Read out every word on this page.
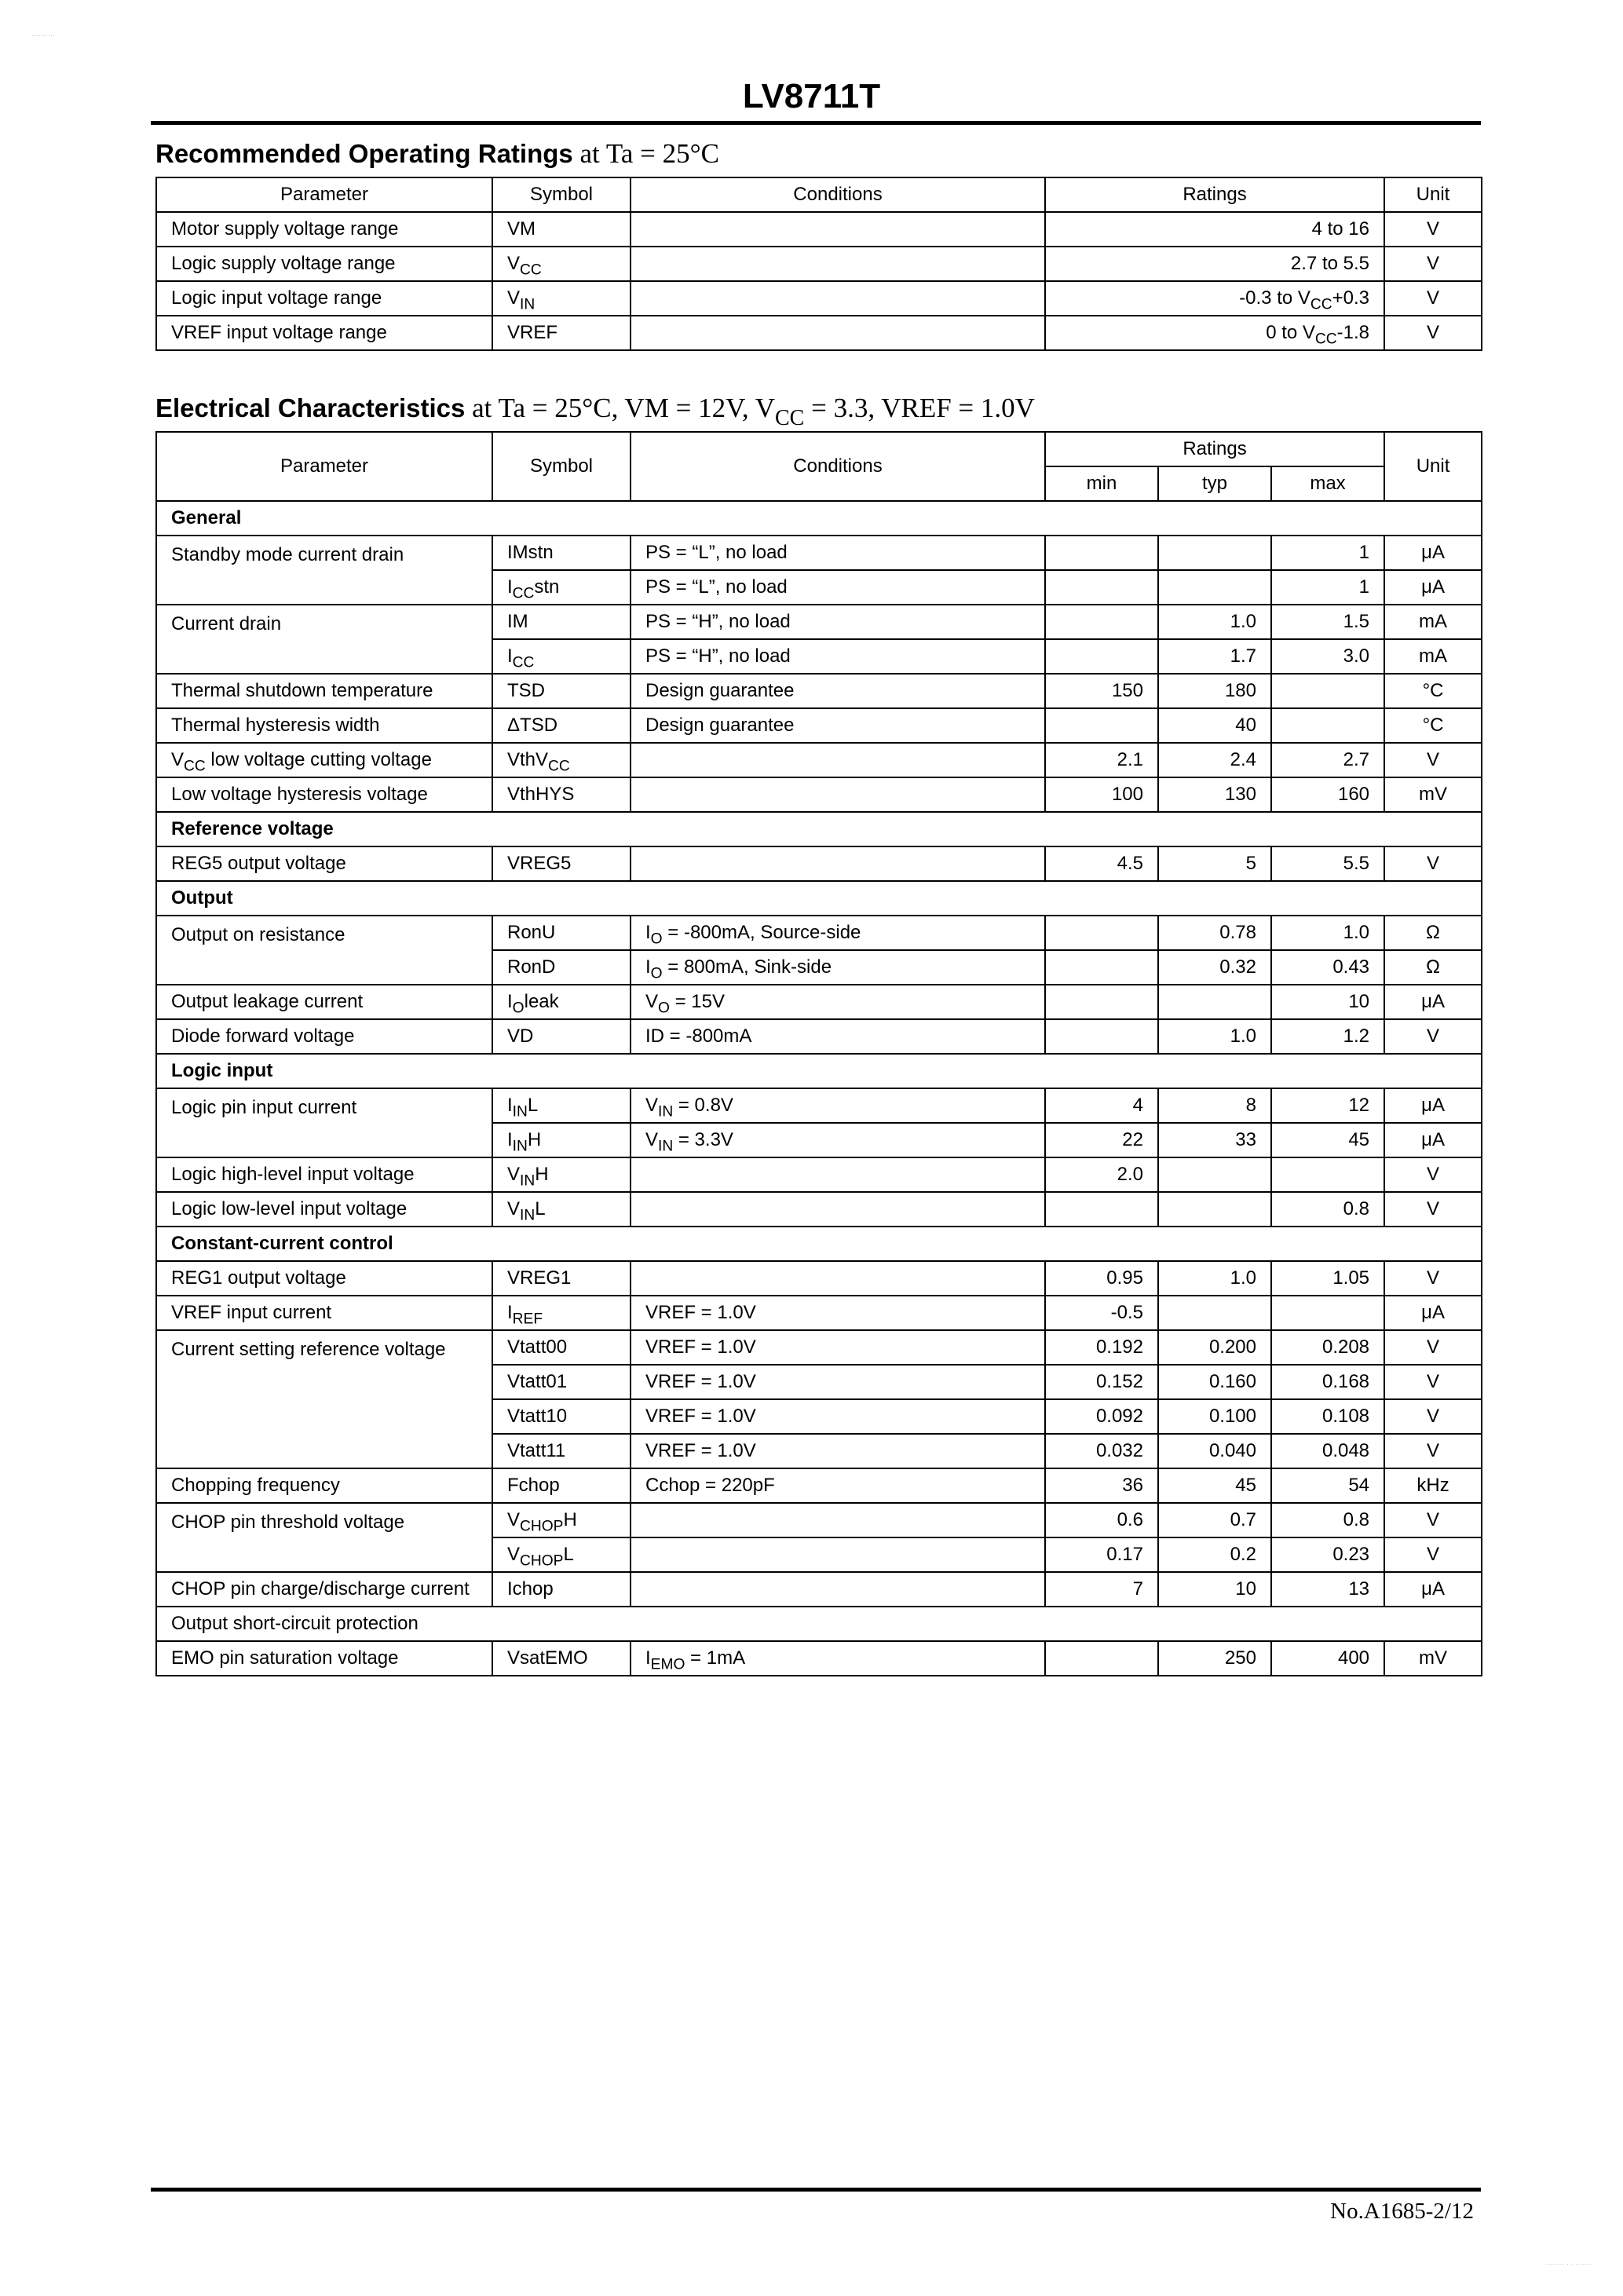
··········
········ · · ·······
LV8711T
Recommended Operating Ratings at Ta = 25°C
Parameter	Symbol	Conditions	Ratings	Unit
Motor supply voltage range	VM		4 to 16	V
Logic supply voltage range	$V_{CC}$		2.7 to 5.5	V
Logic input voltage range	$V_{IN}$		-0.3 to $V_{CC}+0.3$	V
VREF input voltage range	VREF		0 to $V_{CC}-1.8$	V
Electrical Characteristics at Ta = 25°C, VM = 12V, $V_{CC} = 3.3$, VREF = 1.0V
Parameter	Symbol	Conditions	Ratings			Unit
			min	typ	max	
General						
Standby mode current drain	IMstn	PS = “L”, no load			1	μA
	$I_{CC}stn$	PS = “L”, no load			1	μA
Current drain	IM	PS = “H”, no load		1.0	1.5	mA
	$I_{CC}$	PS = “H”, no load		1.7	3.0	mA
Thermal shutdown temperature	TSD	Design guarantee	150	180		°C
Thermal hysteresis width	ΔTSD	Design guarantee		40		°C
$V_{CC}$ low voltage cutting voltage	VthV$_{CC}$		2.1	2.4	2.7	V
Low voltage hysteresis voltage	VthHYS		100	130	160	mV
Reference voltage						
REG5 output voltage	VREG5		4.5	5	5.5	V
Output						
Output on resistance	RonU	$I_O = -800mA$, Source-side		0.78	1.0	Ω
	RonD	$I_O = 800mA$, Sink-side		0.32	0.43	Ω
Output leakage current	$I_Oleak$	$V_O = 15V$			10	μA
Diode forward voltage	VD	ID = -800mA		1.0	1.2	V
Logic input						
Logic pin input current	$I_{IN}L$	$V_{IN} = 0.8V$	4	8	12	μA
	$I_{IN}H$	$V_{IN} = 3.3V$	22	33	45	μA
Logic high-level input voltage	$V_{IN}H$		2.0			V
Logic low-level input voltage	$V_{IN}L$				0.8	V
Constant-current control						
REG1 output voltage	VREG1		0.95	1.0	1.05	V
VREF input current	$I_{REF}$	VREF = 1.0V	-0.5			μA
Current setting reference voltage	Vtatt00	VREF = 1.0V	0.192	0.200	0.208	V
	Vtatt01	VREF = 1.0V	0.152	0.160	0.168	V
	Vtatt10	VREF = 1.0V	0.092	0.100	0.108	V
	Vtatt11	VREF = 1.0V	0.032	0.040	0.048	V
Chopping frequency	Fchop	Cchop = 220pF	36	45	54	kHz
CHOP pin threshold voltage	$V_{CHOP}H$		0.6	0.7	0.8	V
	$V_{CHOP}L$		0.17	0.2	0.23	V
CHOP pin charge/discharge current	Ichop		7	10	13	μA
Output short-circuit protection						
EMO pin saturation voltage	VsatEMO	$I_{EMO} = 1mA$		250	400	mV
No.A1685-2/12
